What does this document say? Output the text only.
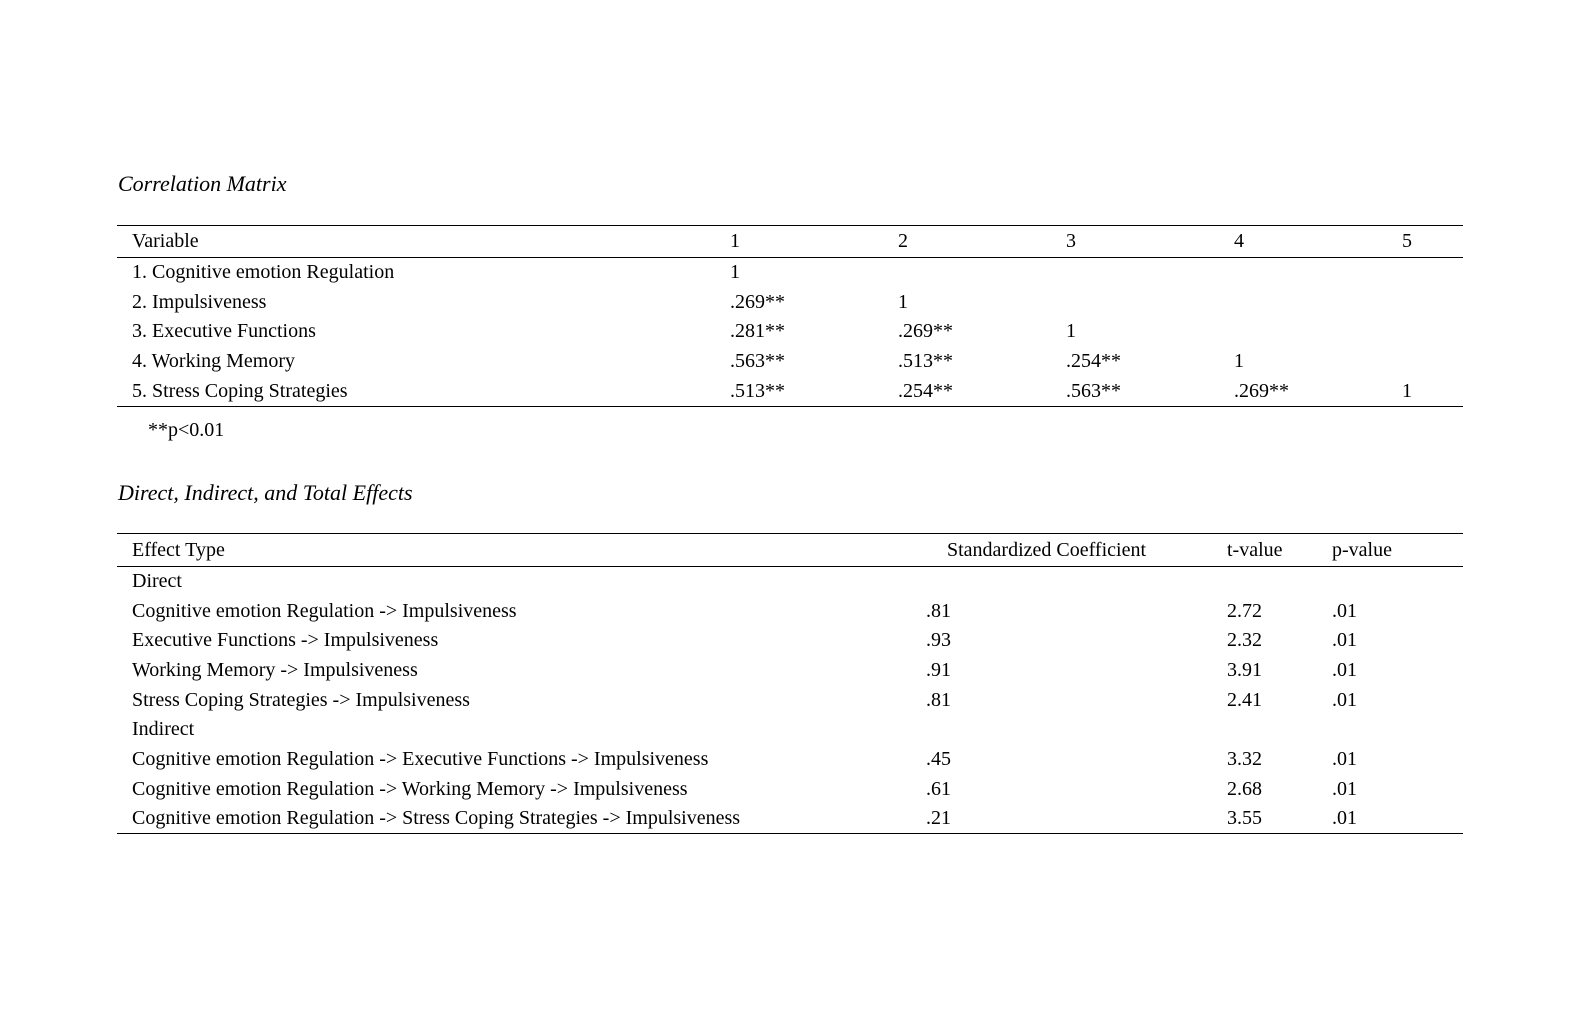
Correlation Matrix
Variable	1	2	3	4	5
1. Cognitive emotion Regulation	1				
2. Impulsiveness	.269**	1			
3. Executive Functions	.281**	.269**	1		
4. Working Memory	.563**	.513**	.254**	1	
5. Stress Coping Strategies	.513**	.254**	.563**	.269**	1
**p<0.01
Direct, Indirect, and Total Effects
Effect Type	Standardized Coefficient	t-value	p-value
Direct			
Cognitive emotion Regulation -> Impulsiveness	.81	2.72	.01
Executive Functions -> Impulsiveness	.93	2.32	.01
Working Memory -> Impulsiveness	.91	3.91	.01
Stress Coping Strategies -> Impulsiveness	.81	2.41	.01
Indirect			
Cognitive emotion Regulation -> Executive Functions -> Impulsiveness	.45	3.32	.01
Cognitive emotion Regulation -> Working Memory -> Impulsiveness	.61	2.68	.01
Cognitive emotion Regulation -> Stress Coping Strategies -> Impulsiveness	.21	3.55	.01
